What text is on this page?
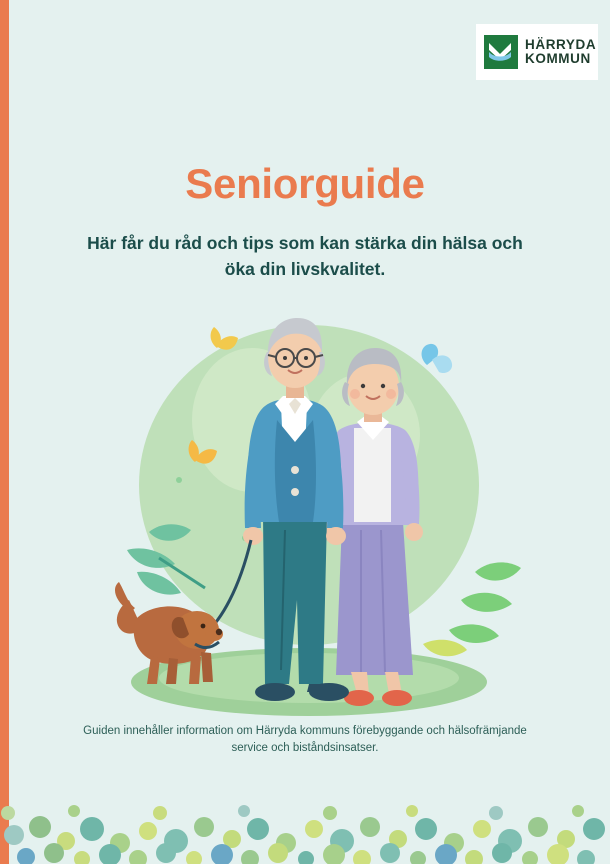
HÄRRYDA
KOMMUN
Seniorguide
Här får du råd och tips som kan stärka din hälsa och öka din livskvalitet.
Guiden innehåller information om Härryda kommuns förebyggande och hälsofrämjande service och biståndsinsatser.
